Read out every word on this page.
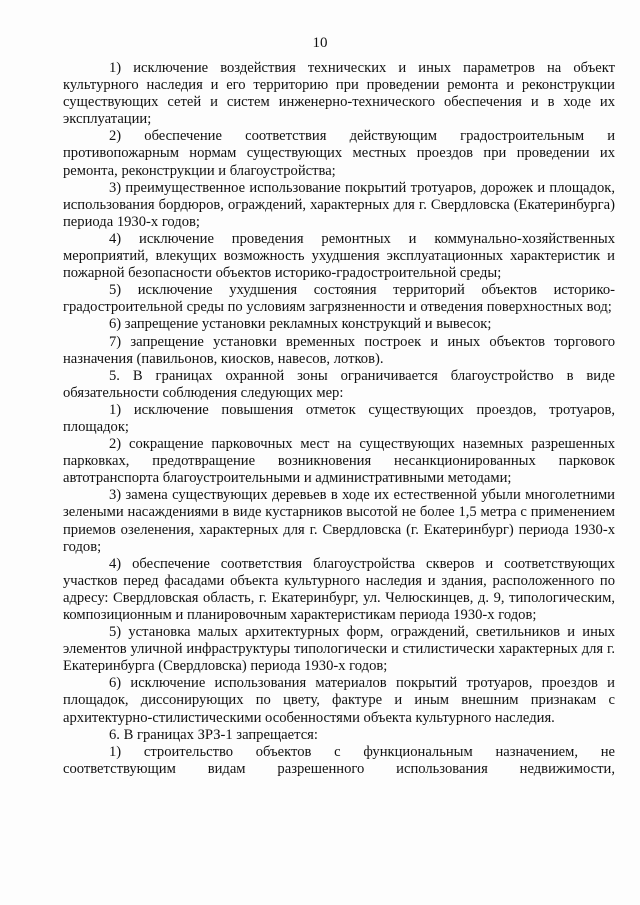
10

1) исключение воздействия технических и иных параметров на объект культурного наследия и его территорию при проведении ремонта и реконструкции существующих сетей и систем инженерно-технического обеспечения и в ходе их эксплуатации;

2) обеспечение соответствия действующим градостроительным и противопожарным нормам существующих местных проездов при проведении их ремонта, реконструкции и благоустройства;

3) преимущественное использование покрытий тротуаров, дорожек и площадок, использования бордюров, ограждений, характерных для г. Свердловска (Екатеринбурга) периода 1930-х годов;

4) исключение проведения ремонтных и коммунально-хозяйственных мероприятий, влекущих возможность ухудшения эксплуатационных характеристик и пожарной безопасности объектов историко-градостроительной среды;

5) исключение ухудшения состояния территорий объектов историко-градостроительной среды по условиям загрязненности и отведения поверхностных вод;

6) запрещение установки рекламных конструкций и вывесок;

7) запрещение установки временных построек и иных объектов торгового назначения (павильонов, киосков, навесов, лотков).

5. В границах охранной зоны ограничивается благоустройство в виде обязательности соблюдения следующих мер:

1) исключение повышения отметок существующих проездов, тротуаров, площадок;

2) сокращение парковочных мест на существующих наземных разрешенных парковках, предотвращение возникновения несанкционированных парковок автотранспорта благоустроительными и административными методами;

3) замена существующих деревьев в ходе их естественной убыли многолетними зелеными насаждениями в виде кустарников высотой не более 1,5 метра с применением приемов озеленения, характерных для г. Свердловска (г. Екатеринбург) периода 1930-х годов;

4) обеспечение соответствия благоустройства скверов и соответствующих участков перед фасадами объекта культурного наследия и здания, расположенного по адресу: Свердловская область, г. Екатеринбург, ул. Челюскинцев, д. 9, типологическим, композиционным и планировочным характеристикам периода 1930-х годов;

5) установка малых архитектурных форм, ограждений, светильников и иных элементов уличной инфраструктуры типологически и стилистически характерных для г. Екатеринбурга (Свердловска) периода 1930-х годов;

6) исключение использования материалов покрытий тротуаров, проездов и площадок, диссонирующих по цвету, фактуре и иным внешним признакам с архитектурно-стилистическими особенностями объекта культурного наследия.

6. В границах ЗРЗ-1 запрещается:

1) строительство объектов с функциональным назначением, не соответствующим видам разрешенного использования недвижимости,
